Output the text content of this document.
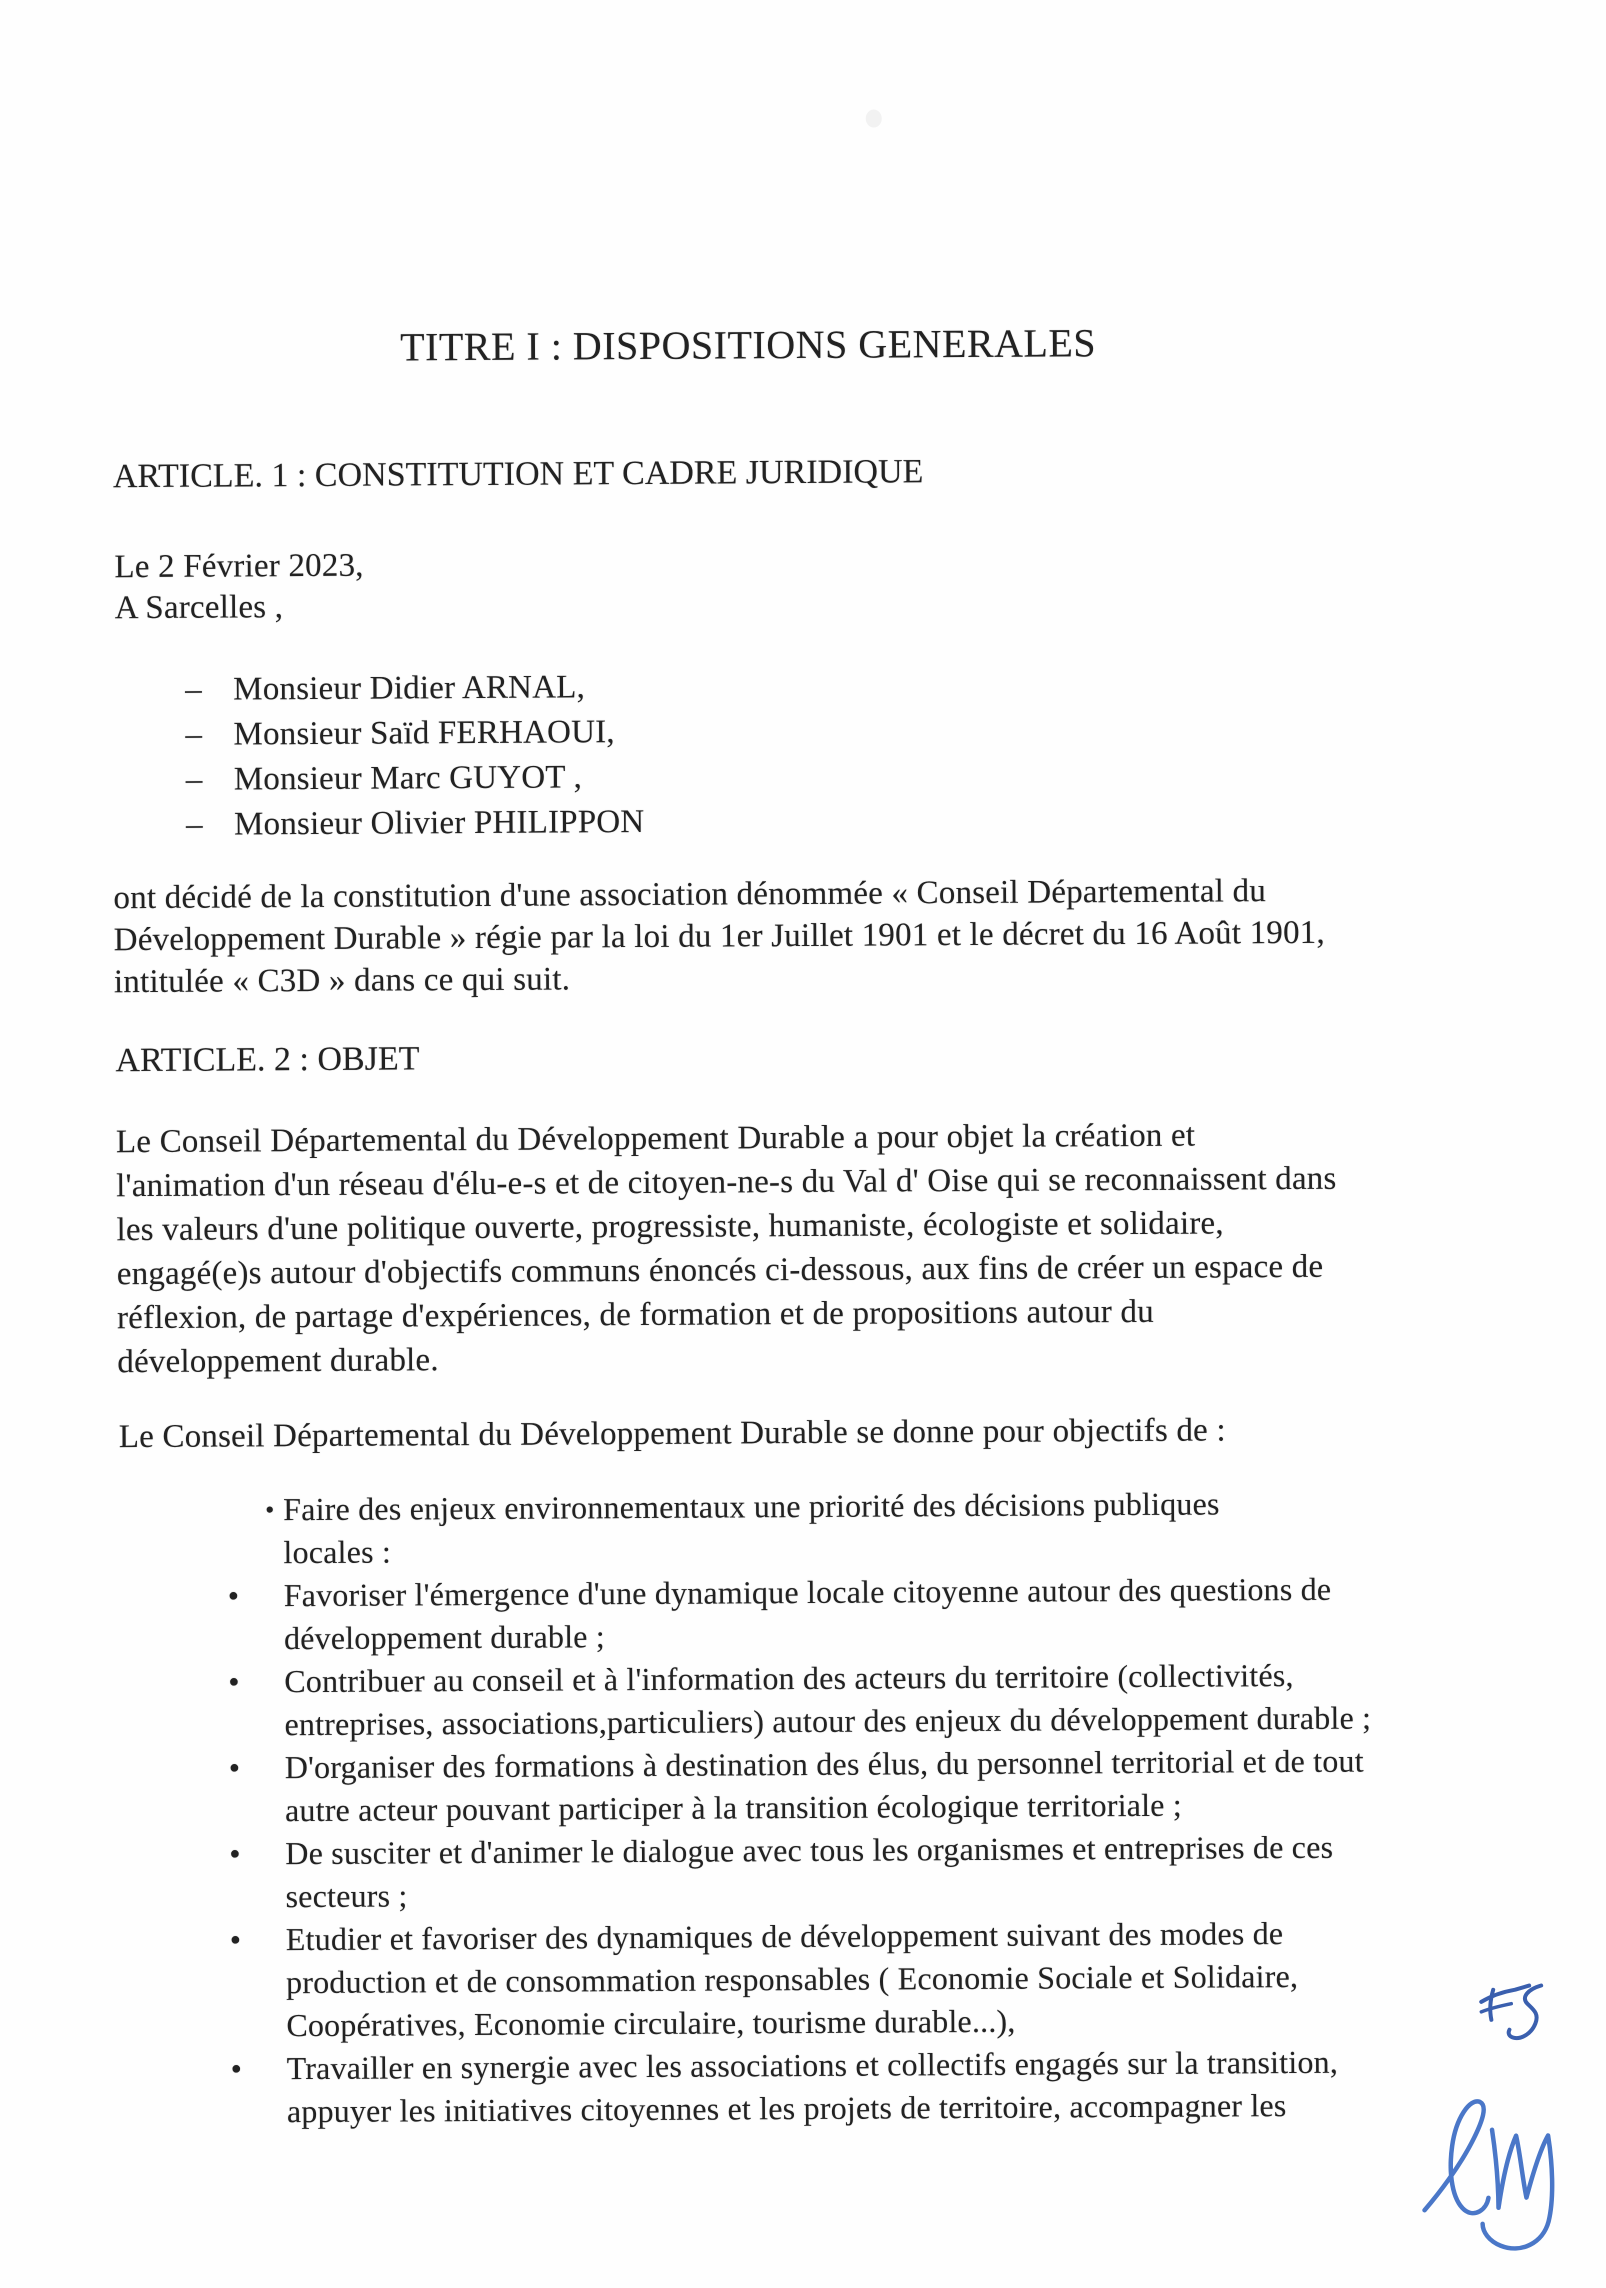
TITRE I : DISPOSITIONS GENERALES
ARTICLE. 1 : CONSTITUTION ET CADRE JURIDIQUE

Le 2 Février 2023,

A Sarcelles ,

– Monsieur Didier ARNAL,
– Monsieur Saïd FERHAOUI,
– Monsieur Marc GUYOT ,
– Monsieur Olivier PHILIPPON

ont décidé de la constitution d'une association dénommée « Conseil Départemental du
Développement Durable » régie par la loi du 1er Juillet 1901 et le décret du 16 Août 1901,
intitulée « C3D » dans ce qui suit.

ARTICLE. 2 : OBJET

Le Conseil Départemental du Développement Durable a pour objet la création et
l'animation d'un réseau d'élu-e-s et de citoyen-ne-s du Val d' Oise qui se reconnaissent dans
les valeurs d'une politique ouverte, progressiste, humaniste, écologiste et solidaire,
engagé(e)s autour d'objectifs communs énoncés ci-dessous, aux fins de créer un espace de
réflexion, de partage d'expériences, de formation et de propositions autour du
développement durable.

Le Conseil Départemental du Développement Durable se donne pour objectifs de :

• Faire des enjeux environnementaux une priorité des décisions publiques
locales :
• Favoriser l'émergence d'une dynamique locale citoyenne autour des questions de
développement durable ;
• Contribuer au conseil et à l'information des acteurs du territoire (collectivités,
entreprises, associations,particuliers) autour des enjeux du développement durable ;
• D'organiser des formations à destination des élus, du personnel territorial et de tout
autre acteur pouvant participer à la transition écologique territoriale ;
• De susciter et d'animer le dialogue avec tous les organismes et entreprises de ces
secteurs ;
• Etudier et favoriser des dynamiques de développement suivant des modes de
production et de consommation responsables ( Economie Sociale et Solidaire,
Coopératives, Economie circulaire, tourisme durable...),
• Travailler en synergie avec les associations et collectifs engagés sur la transition,
appuyer les initiatives citoyennes et les projets de territoire, accompagner les
